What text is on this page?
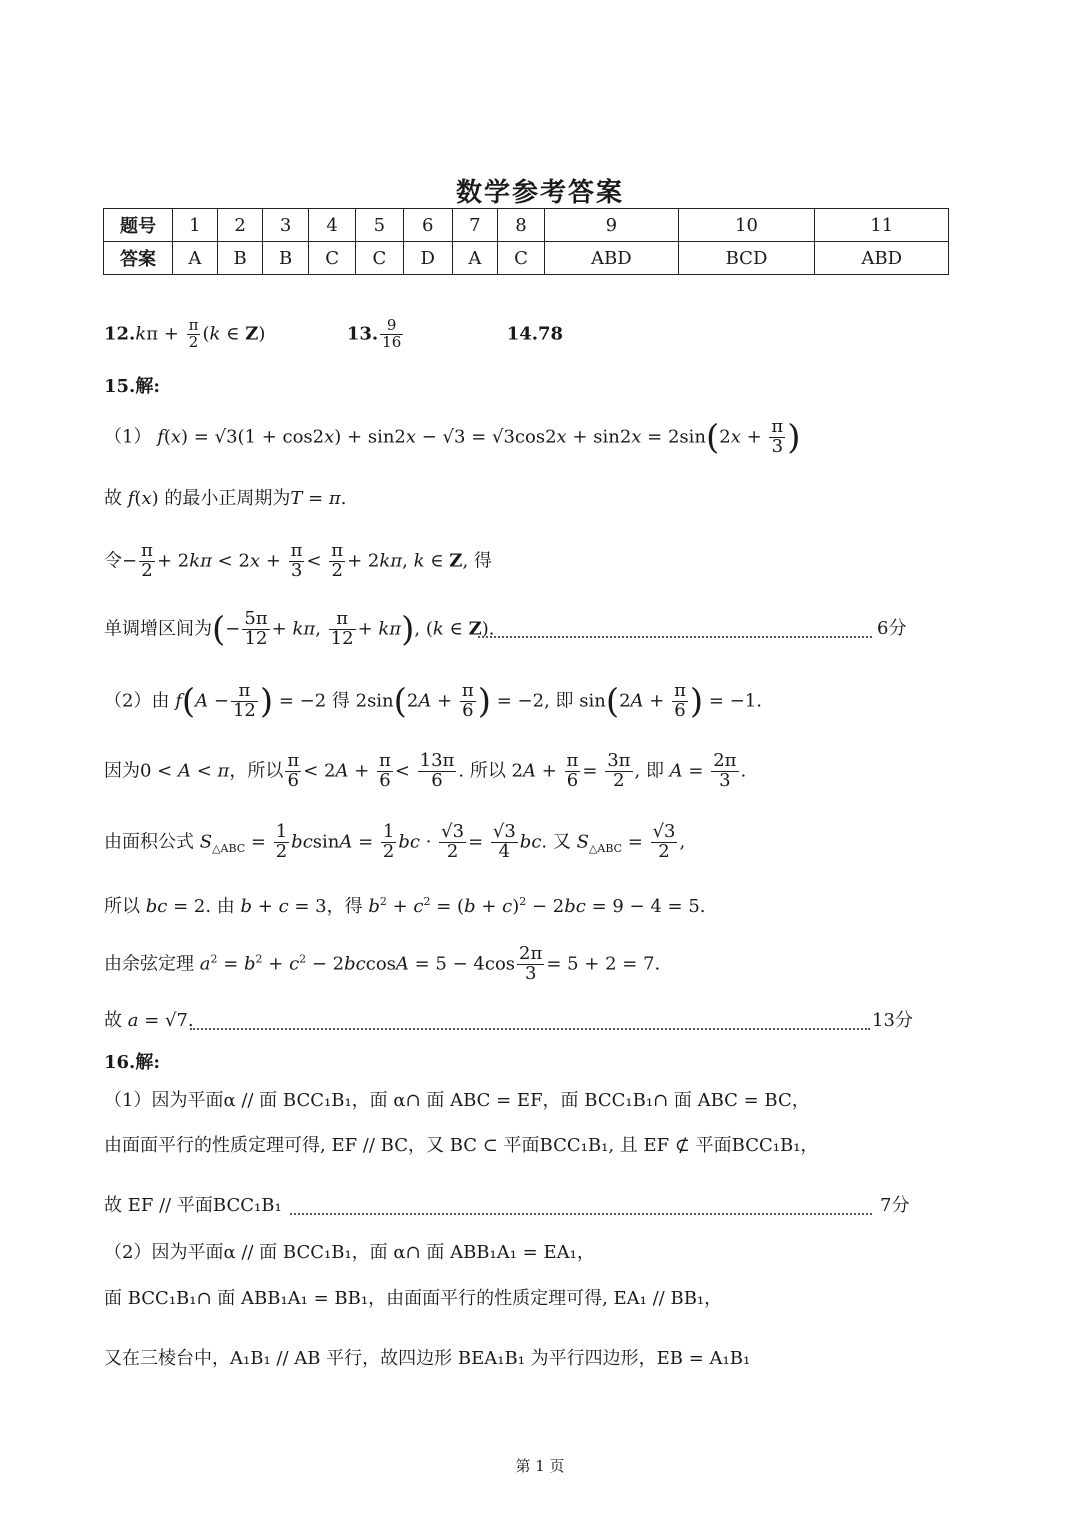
数学参考答案
题号	1	2	3	4	5	6	7	8	9	10	11
答案	A	B	B	C	C	D	A	C	ABD	BCD	ABD
$12.k\pi + \frac{\pi}{2} (k$ ∈ Z)	13. $\frac{9}{16}$	14.78
15.解:
（1） $f(x) = √3(1 + \cos 2x) + \sin 2x - √3 = √3\cos 2x + \sin 2x = 2\sin(2x + \frac{\pi}{3}$ )
故 f(x) 的最小正周期为T = π.
令− $\frac{\pi}{2} + 2k\pi < 2x + \frac{\pi}{3} < \frac{\pi}{2} + 2k\pi$, k ∈ Z, 得
单调增区间为(− $\frac{5\pi}{12} + k\pi$, $\frac{\pi}{12} + k\pi$), (k ∈ Z).	6分
（2）由 $f(A - \frac{\pi}{12}$ ) = −2 得 $2\sin(2A + \frac{\pi}{6}$ ) = −2, 即 $\sin(2A + \frac{\pi}{6}$ ) = −1.
因为0 < A < π，所以 $\frac{\pi}{6} < 2A + \frac{\pi}{6} < \frac{13\pi}{6}$ . 所以 $2A + \frac{\pi}{6} = \frac{3\pi}{2}$ , 即 $A = \frac{2\pi}{3}$ .
由面积公式 $S_{\triangle ABC} = \frac{1}{2}$ $bcsinA = \frac{1}{2}$ bc · $\frac{√3}{2} = \frac{√3}{4}$ bc. 又 $S_{\triangle ABC} = \frac{√3}{2}$ ,
所以 bc = 2. 由 b + c = 3，得 $b^2 + c^2 = (b + c)^2 - 2bc = 9 - 4 = 5$.
由余弦定理 $a^2 = b^2 + c^2 - 2bccosA = 5 - 4\cos \frac{2\pi}{3} = 5 + 2 = 7$.
故 a = √7.	13分
16.解:
（1）因为平面α // 面 BCC₁B₁，面 α∩ 面 ABC = EF，面 BCC₁B₁∩ 面 ABC = BC，
由面面平行的性质定理可得, EF // BC，又 BC ⊂ 平面BCC₁B₁, 且 EF ⊄ 平面BCC₁B₁，
故 EF // 平面BCC₁B₁	7分
（2）因为平面α // 面 BCC₁B₁，面 α∩ 面 ABB₁A₁ = EA₁，
面 BCC₁B₁∩ 面 ABB₁A₁ = BB₁，由面面平行的性质定理可得, EA₁ // BB₁，
又在三棱台中，A₁B₁ // AB 平行，故四边形 BEA₁B₁ 为平行四边形，EB = A₁B₁
第 1 页
